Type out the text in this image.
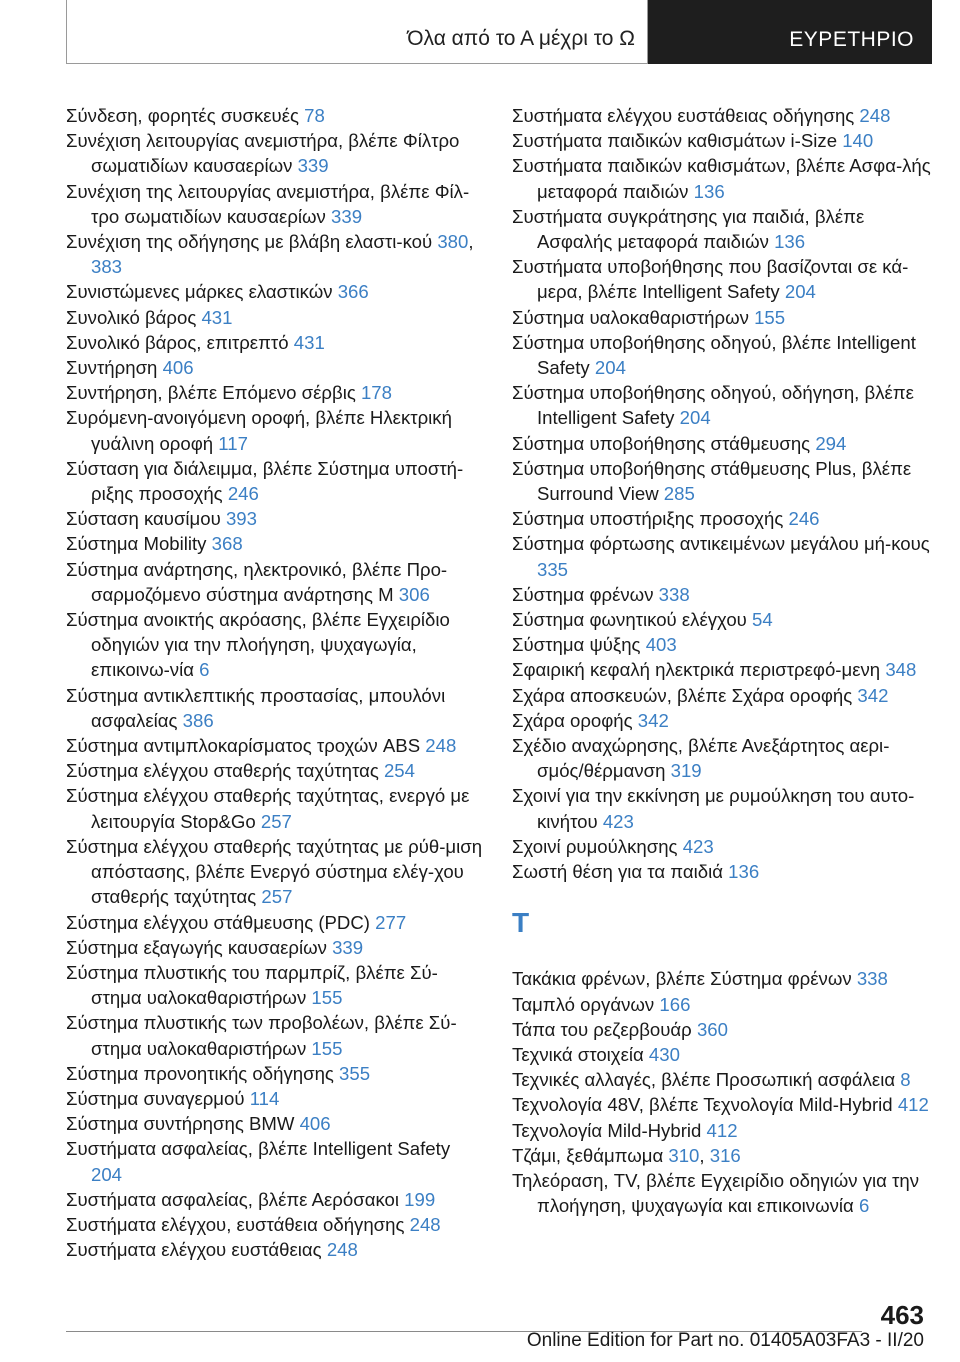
Όλα από το Α μέχρι το Ω	ΕΥΡΕΤΗΡΙΟ
Σύνδεση, φορητές συσκευές 78
Συνέχιση λειτουργίας ανεμιστήρα, βλέπε Φίλτρο σωματιδίων καυσαερίων 339
Συνέχιση της λειτουργίας ανεμιστήρα, βλέπε Φίλ-τρο σωματιδίων καυσαερίων 339
Συνέχιση της οδήγησης με βλάβη ελαστι-κού 380, 383
Συνιστώμενες μάρκες ελαστικών 366
Συνολικό βάρος 431
Συνολικό βάρος, επιτρεπτό 431
Συντήρηση 406
Συντήρηση, βλέπε Επόμενο σέρβις 178
Συρόμενη-ανοιγόμενη οροφή, βλέπε Ηλεκτρική γυάλινη οροφή 117
Σύσταση για διάλειμμα, βλέπε Σύστημα υποστή-ριξης προσοχής 246
Σύσταση καυσίμου 393
Σύστημα Mobility 368
Σύστημα ανάρτησης, ηλεκτρονικό, βλέπε Προ-σαρμοζόμενο σύστημα ανάρτησης M 306
Σύστημα ανοικτής ακρόασης, βλέπε Εγχειρίδιο οδηγιών για την πλοήγηση, ψυχαγωγία, επικοινω-νία 6
Σύστημα αντικλεπτικής προστασίας, μπουλόνι ασφαλείας 386
Σύστημα αντιμπλοκαρίσματος τροχών ABS 248
Σύστημα ελέγχου σταθερής ταχύτητας 254
Σύστημα ελέγχου σταθερής ταχύτητας, ενεργό με λειτουργία Stop&Go 257
Σύστημα ελέγχου σταθερής ταχύτητας με ρύθ-μιση απόστασης, βλέπε Ενεργό σύστημα ελέγ-χου σταθερής ταχύτητας 257
Σύστημα ελέγχου στάθμευσης (PDC) 277
Σύστημα εξαγωγής καυσαερίων 339
Σύστημα πλυστικής του παρμπρίζ, βλέπε Σύ-στημα υαλοκαθαριστήρων 155
Σύστημα πλυστικής των προβολέων, βλέπε Σύ-στημα υαλοκαθαριστήρων 155
Σύστημα προνοητικής οδήγησης 355
Σύστημα συναγερμού 114
Σύστημα συντήρησης BMW 406
Συστήματα ασφαλείας, βλέπε Intelligent Safety 204
Συστήματα ασφαλείας, βλέπε Αερόσακοι 199
Συστήματα ελέγχου, ευστάθεια οδήγησης 248
Συστήματα ελέγχου ευστάθειας 248
Συστήματα ελέγχου ευστάθειας οδήγησης 248
Συστήματα παιδικών καθισμάτων i-Size 140
Συστήματα παιδικών καθισμάτων, βλέπε Ασφα-λής μεταφορά παιδιών 136
Συστήματα συγκράτησης για παιδιά, βλέπε Ασφαλής μεταφορά παιδιών 136
Συστήματα υποβοήθησης που βασίζονται σε κά-μερα, βλέπε Intelligent Safety 204
Σύστημα υαλοκαθαριστήρων 155
Σύστημα υποβοήθησης οδηγού, βλέπε Intelligent Safety 204
Σύστημα υποβοήθησης οδηγού, οδήγηση, βλέπε Intelligent Safety 204
Σύστημα υποβοήθησης στάθμευσης 294
Σύστημα υποβοήθησης στάθμευσης Plus, βλέπε Surround View 285
Σύστημα υποστήριξης προσοχής 246
Σύστημα φόρτωσης αντικειμένων μεγάλου μή-κους 335
Σύστημα φρένων 338
Σύστημα φωνητικού ελέγχου 54
Σύστημα ψύξης 403
Σφαιρική κεφαλή ηλεκτρικά περιστρεφό-μενη 348
Σχάρα αποσκευών, βλέπε Σχάρα οροφής 342
Σχάρα οροφής 342
Σχέδιο αναχώρησης, βλέπε Ανεξάρτητος αερι-σμός/θέρμανση 319
Σχοινί για την εκκίνηση με ρυμούλκηση του αυτο-κινήτου 423
Σχοινί ρυμούλκησης 423
Σωστή θέση για τα παιδιά 136
Τ
Τακάκια φρένων, βλέπε Σύστημα φρένων 338
Ταμπλό οργάνων 166
Τάπα του ρεζερβουάρ 360
Τεχνικά στοιχεία 430
Τεχνικές αλλαγές, βλέπε Προσωπική ασφάλεια 8
Τεχνολογία 48V, βλέπε Τεχνολογία Mild-Hybrid 412
Τεχνολογία Mild-Hybrid 412
Τζάμι, ξεθάμπωμα 310, 316
Τηλεόραση, TV, βλέπε Εγχειρίδιο οδηγιών για την πλοήγηση, ψυχαγωγία και επικοινωνία 6
463
Online Edition for Part no. 01405A03FA3 - II/20
